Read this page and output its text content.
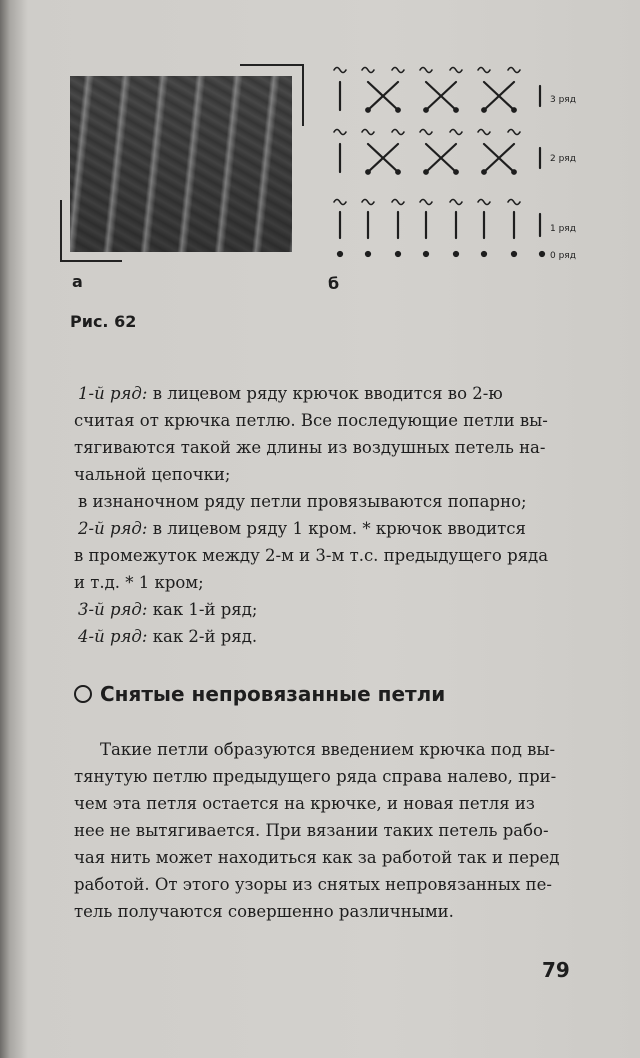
а
3 ряд
2 ряд
1 ряд
0 ряд
б
Рис. 62

1-й ряд: в лицевом ряду крючок вводится во 2-ю

считая от крючка петлю. Все последующие петли вы-

тягиваются такой же длины из воздушных петель на-

чальной цепочки;

в изнаночном ряду петли провязываются попарно;

2-й ряд: в лицевом ряду 1 кром. * крючок вводится

в промежуток между 2-м и 3-м т.с. предыдущего ряда

и т.д. * 1 кром;

3-й ряд: как 1-й ряд;

4-й ряд: как 2-й ряд.

Снятые непровязанные петли

Такие петли образуются введением крючка под вы-

тянутую петлю предыдущего ряда справа налево, при-

чем эта петля остается на крючке, и новая петля из

нее не вытягивается. При вязании таких петель рабо-

чая нить может находиться как за работой так и перед

работой. От этого узоры из снятых непровязанных пе-

тель получаются совершенно различными.

79
